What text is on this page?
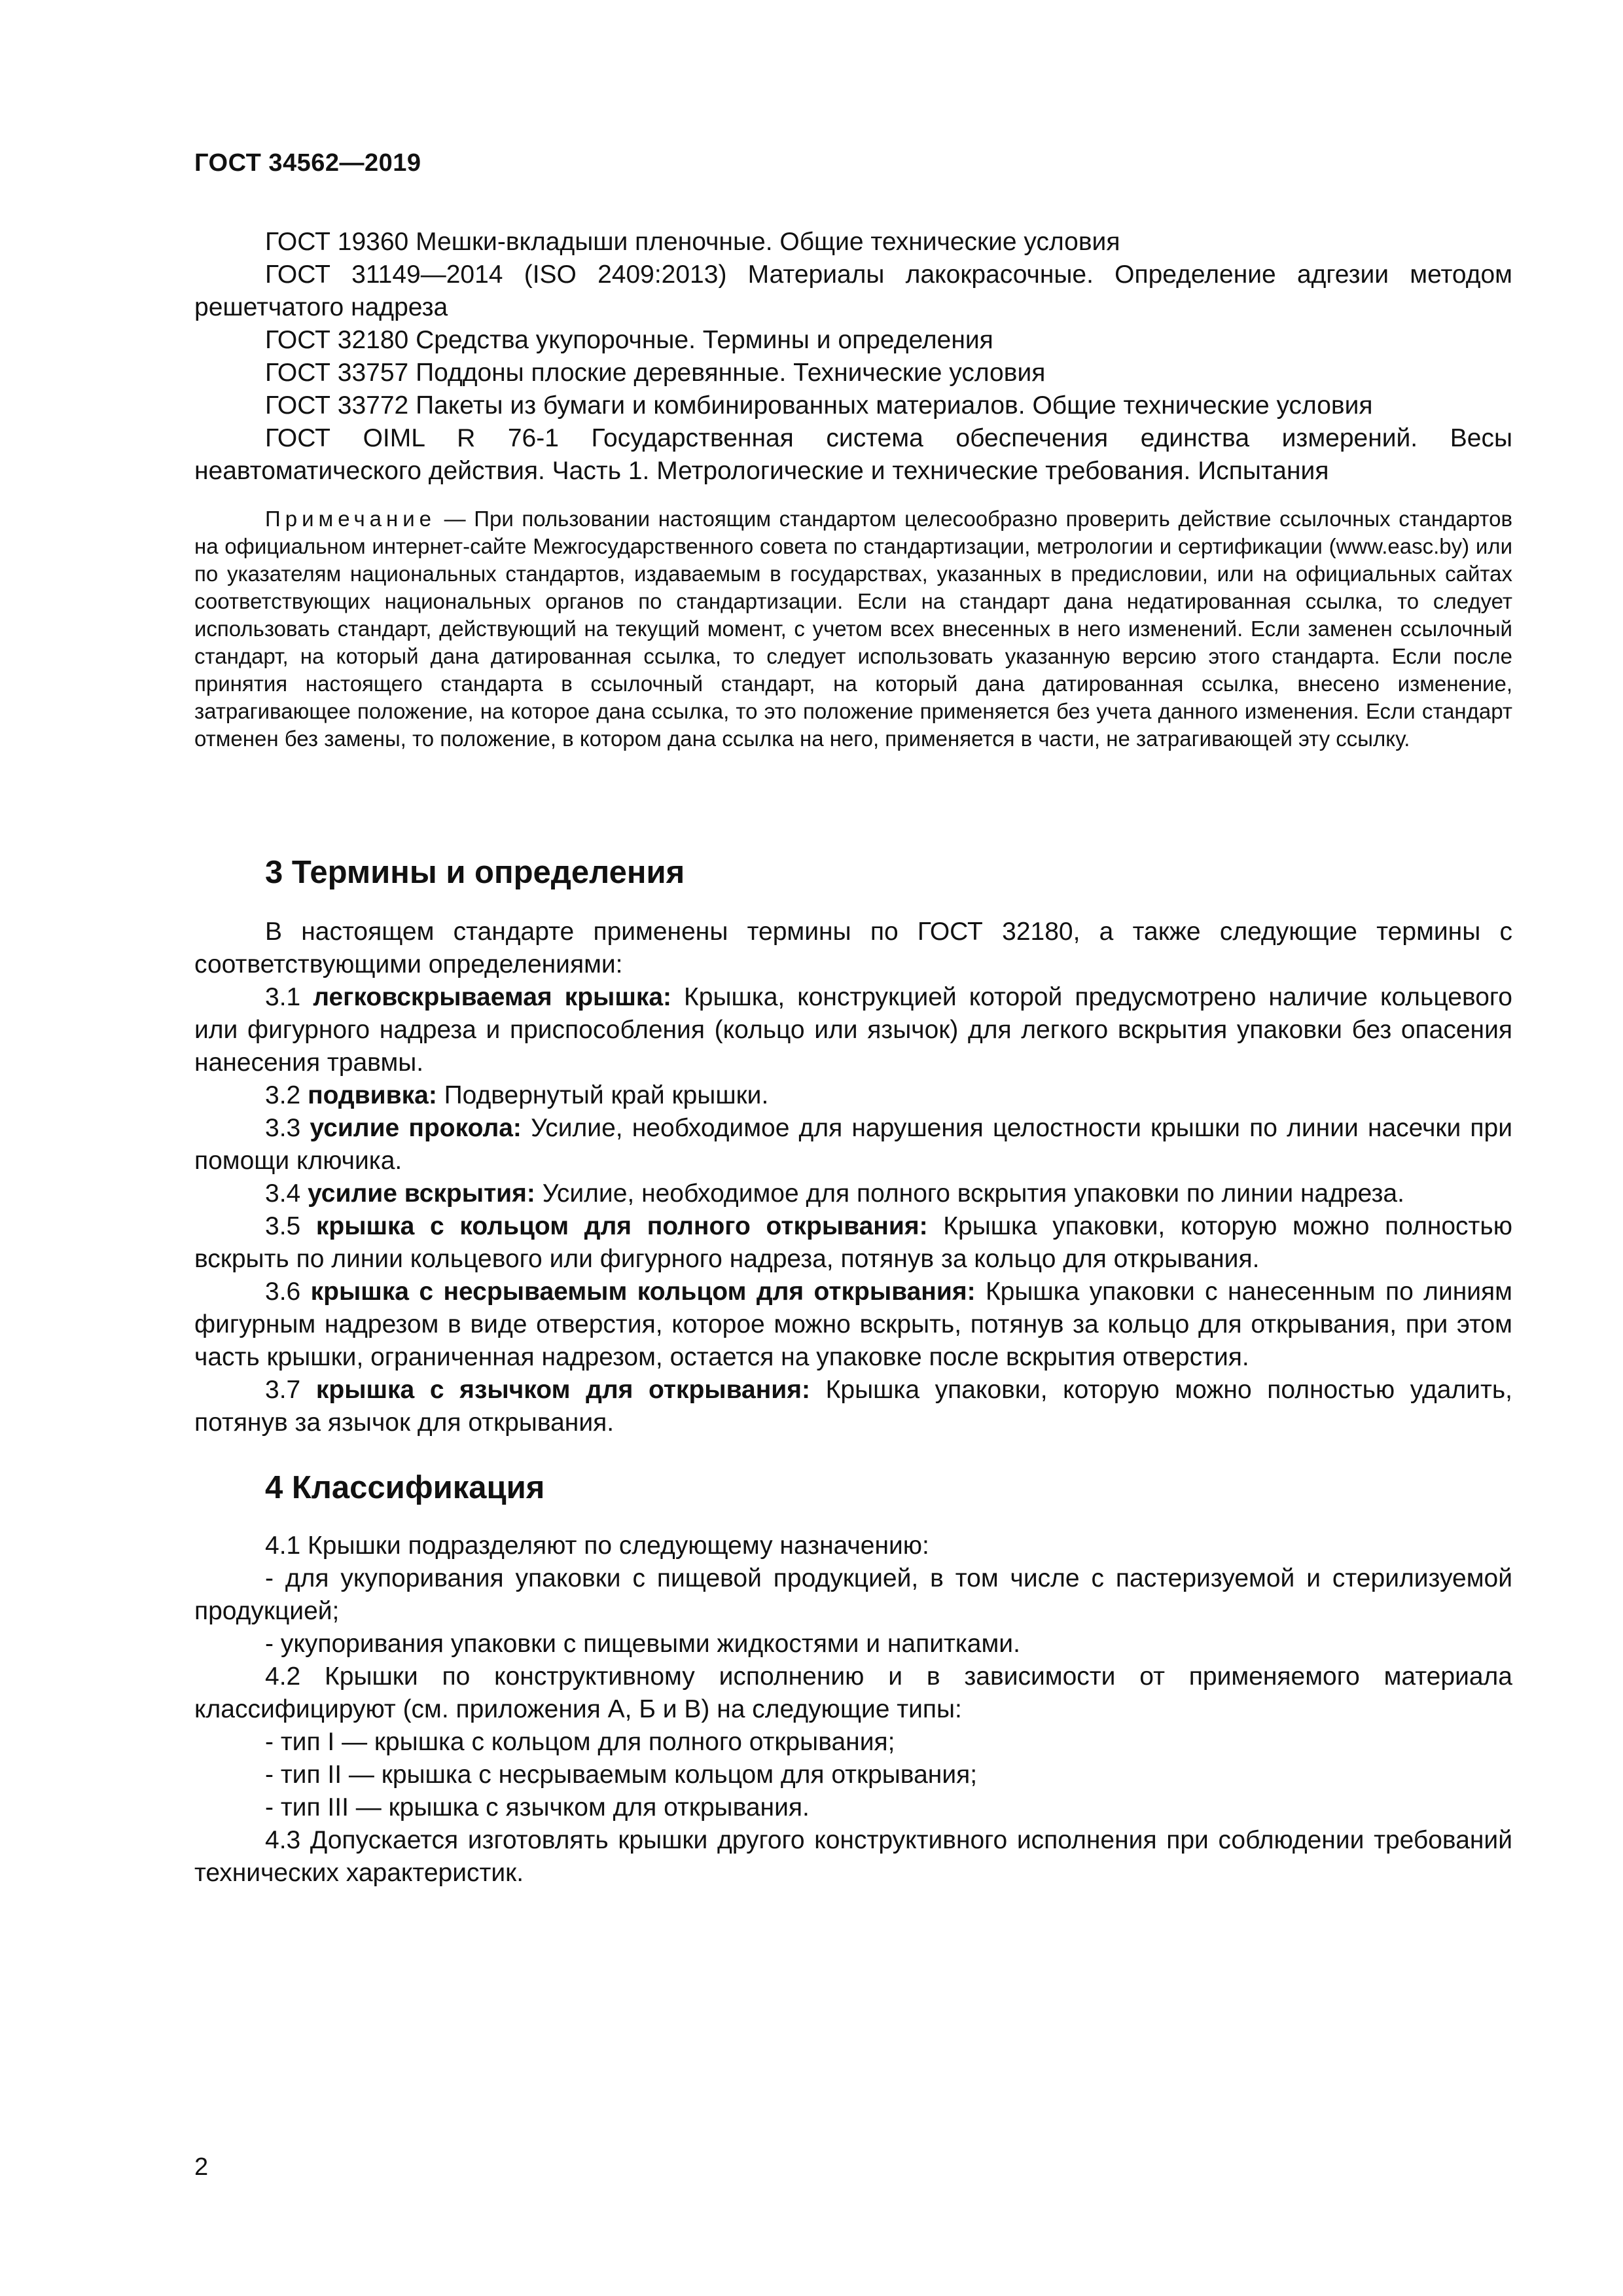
ГОСТ 34562—2019

ГОСТ 19360 Мешки-вкладыши пленочные. Общие технические условия

ГОСТ 31149—2014 (ISO 2409:2013) Материалы лакокрасочные. Определение адгезии методом решетчатого надреза

ГОСТ 32180 Средства укупорочные. Термины и определения

ГОСТ 33757 Поддоны плоские деревянные. Технические условия

ГОСТ 33772 Пакеты из бумаги и комбинированных материалов. Общие технические условия

ГОСТ OIML R 76-1 Государственная система обеспечения единства измерений. Весы неавтоматического действия. Часть 1. Метрологические и технические требования. Испытания

Примечание — При пользовании настоящим стандартом целесообразно проверить действие ссылочных стандартов на официальном интернет-сайте Межгосударственного совета по стандартизации, метрологии и сертификации (www.easc.by) или по указателям национальных стандартов, издаваемым в государствах, указанных в предисловии, или на официальных сайтах соответствующих национальных органов по стандартизации. Если на стандарт дана недатированная ссылка, то следует использовать стандарт, действующий на текущий момент, с учетом всех внесенных в него изменений. Если заменен ссылочный стандарт, на который дана датированная ссылка, то следует использовать указанную версию этого стандарта. Если после принятия настоящего стандарта в ссылочный стандарт, на который дана датированная ссылка, внесено изменение, затрагивающее положение, на которое дана ссылка, то это положение применяется без учета данного изменения. Если стандарт отменен без замены, то положение, в котором дана ссылка на него, применяется в части, не затрагивающей эту ссылку.

3 Термины и определения

В настоящем стандарте применены термины по ГОСТ 32180, а также следующие термины с соответствующими определениями:

3.1 легковскрываемая крышка: Крышка, конструкцией которой предусмотрено наличие кольцевого или фигурного надреза и приспособления (кольцо или язычок) для легкого вскрытия упаковки без опасения нанесения травмы.

3.2 подвивка: Подвернутый край крышки.

3.3 усилие прокола: Усилие, необходимое для нарушения целостности крышки по линии насечки при помощи ключика.

3.4 усилие вскрытия: Усилие, необходимое для полного вскрытия упаковки по линии надреза.

3.5 крышка с кольцом для полного открывания: Крышка упаковки, которую можно полностью вскрыть по линии кольцевого или фигурного надреза, потянув за кольцо для открывания.

3.6 крышка с несрываемым кольцом для открывания: Крышка упаковки с нанесенным по линиям фигурным надрезом в виде отверстия, которое можно вскрыть, потянув за кольцо для открывания, при этом часть крышки, ограниченная надрезом, остается на упаковке после вскрытия отверстия.

3.7 крышка с язычком для открывания: Крышка упаковки, которую можно полностью удалить, потянув за язычок для открывания.

4 Классификация

4.1 Крышки подразделяют по следующему назначению:

- для укупоривания упаковки с пищевой продукцией, в том числе с пастеризуемой и стерилизуемой продукцией;

- укупоривания упаковки с пищевыми жидкостями и напитками.

4.2 Крышки по конструктивному исполнению и в зависимости от применяемого материала классифицируют (см. приложения А, Б и В) на следующие типы:

- тип I — крышка с кольцом для полного открывания;

- тип II — крышка с несрываемым кольцом для открывания;

- тип III — крышка с язычком для открывания.

4.3 Допускается изготовлять крышки другого конструктивного исполнения при соблюдении требований технических характеристик.

2
